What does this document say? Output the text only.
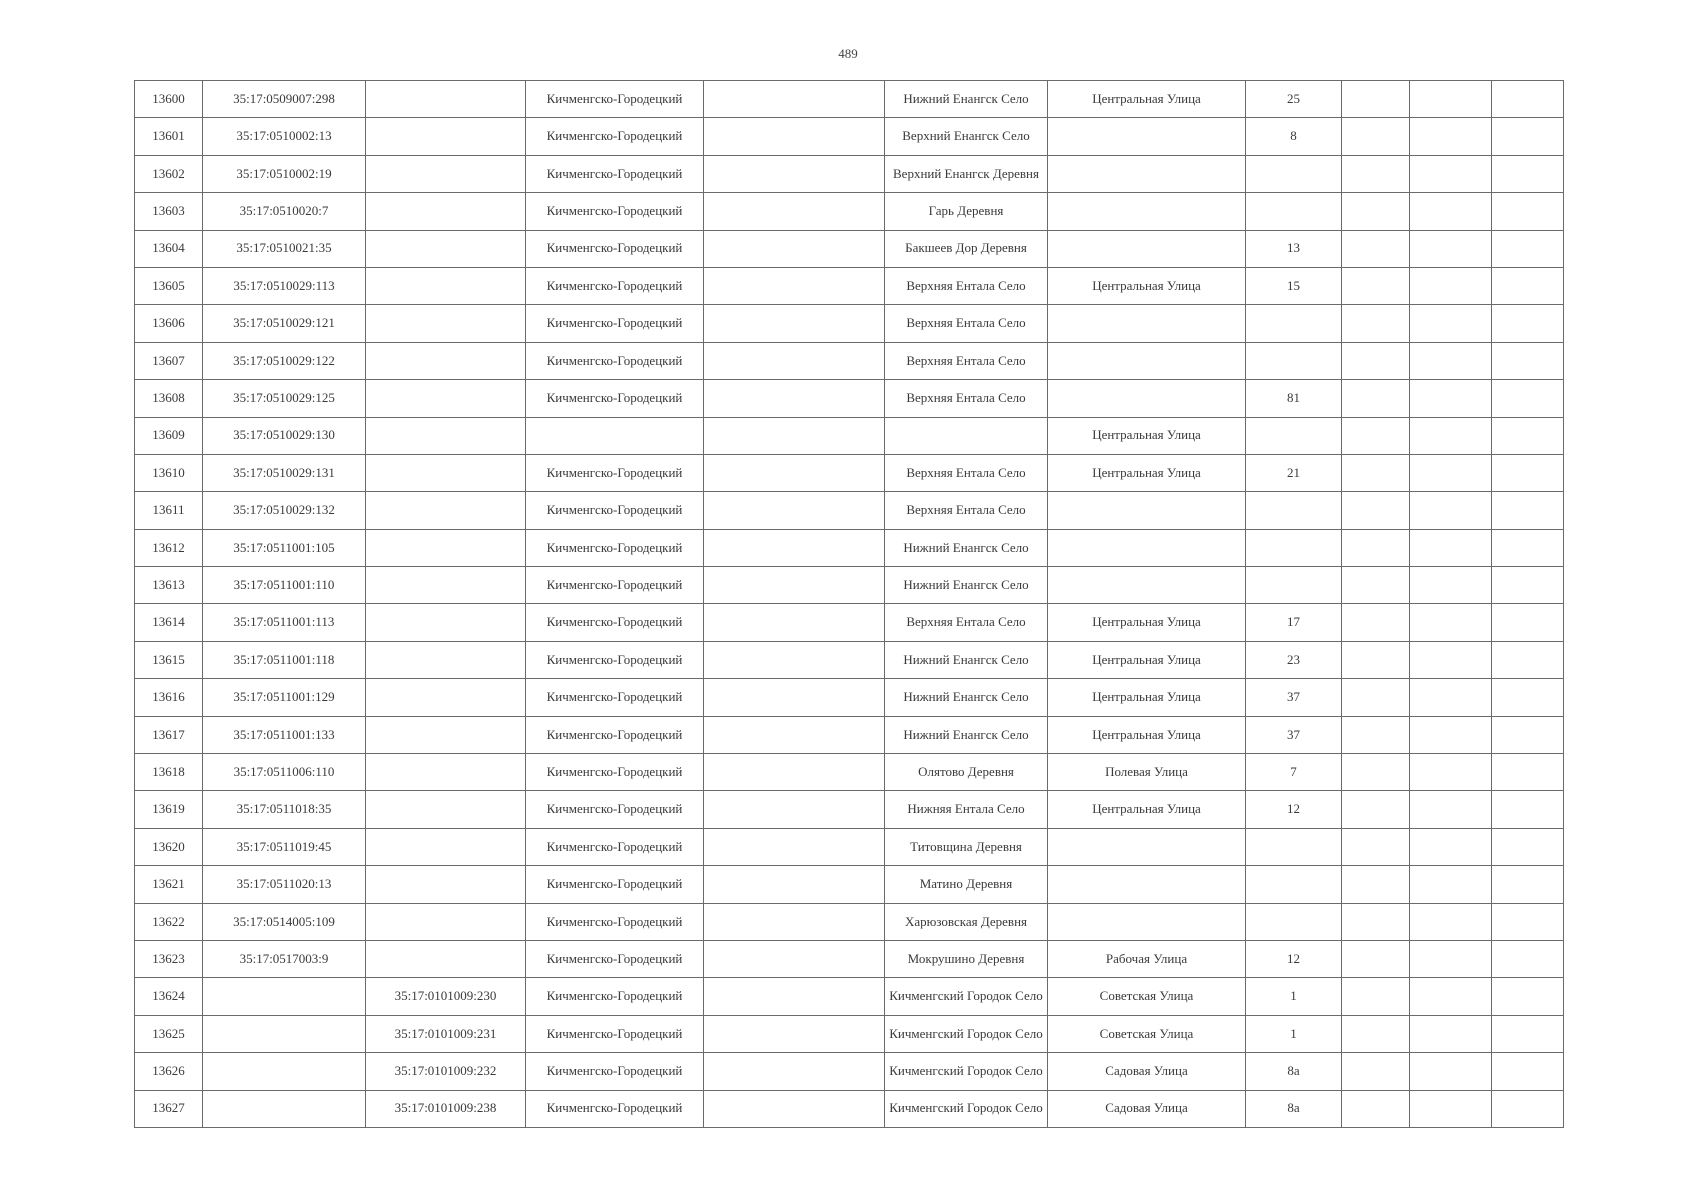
489
13600	35:17:0509007:298		Кичменгско-Городецкий		Нижний Енангск Село	Центральная Улица	25			
13601	35:17:0510002:13		Кичменгско-Городецкий		Верхний Енангск Село		8			
13602	35:17:0510002:19		Кичменгско-Городецкий		Верхний Енангск Деревня					
13603	35:17:0510020:7		Кичменгско-Городецкий		Гарь Деревня					
13604	35:17:0510021:35		Кичменгско-Городецкий		Бакшеев Дор Деревня		13			
13605	35:17:0510029:113		Кичменгско-Городецкий		Верхняя Ентала Село	Центральная Улица	15			
13606	35:17:0510029:121		Кичменгско-Городецкий		Верхняя Ентала Село					
13607	35:17:0510029:122		Кичменгско-Городецкий		Верхняя Ентала Село					
13608	35:17:0510029:125		Кичменгско-Городецкий		Верхняя Ентала Село		81			
13609	35:17:0510029:130					Центральная Улица				
13610	35:17:0510029:131		Кичменгско-Городецкий		Верхняя Ентала Село	Центральная Улица	21			
13611	35:17:0510029:132		Кичменгско-Городецкий		Верхняя Ентала Село					
13612	35:17:0511001:105		Кичменгско-Городецкий		Нижний Енангск Село					
13613	35:17:0511001:110		Кичменгско-Городецкий		Нижний Енангск Село					
13614	35:17:0511001:113		Кичменгско-Городецкий		Верхняя Ентала Село	Центральная Улица	17			
13615	35:17:0511001:118		Кичменгско-Городецкий		Нижний Енангск Село	Центральная Улица	23			
13616	35:17:0511001:129		Кичменгско-Городецкий		Нижний Енангск Село	Центральная Улица	37			
13617	35:17:0511001:133		Кичменгско-Городецкий		Нижний Енангск Село	Центральная Улица	37			
13618	35:17:0511006:110		Кичменгско-Городецкий		Олятово Деревня	Полевая Улица	7			
13619	35:17:0511018:35		Кичменгско-Городецкий		Нижняя Ентала Село	Центральная Улица	12			
13620	35:17:0511019:45		Кичменгско-Городецкий		Титовщина Деревня					
13621	35:17:0511020:13		Кичменгско-Городецкий		Матино Деревня					
13622	35:17:0514005:109		Кичменгско-Городецкий		Харюзовская Деревня					
13623	35:17:0517003:9		Кичменгско-Городецкий		Мокрушино Деревня	Рабочая Улица	12			
13624		35:17:0101009:230	Кичменгско-Городецкий		Кичменгский Городок Село	Советская Улица	1			
13625		35:17:0101009:231	Кичменгско-Городецкий		Кичменгский Городок Село	Советская Улица	1			
13626		35:17:0101009:232	Кичменгско-Городецкий		Кичменгский Городок Село	Садовая Улица	8а			
13627		35:17:0101009:238	Кичменгско-Городецкий		Кичменгский Городок Село	Садовая Улица	8а			
